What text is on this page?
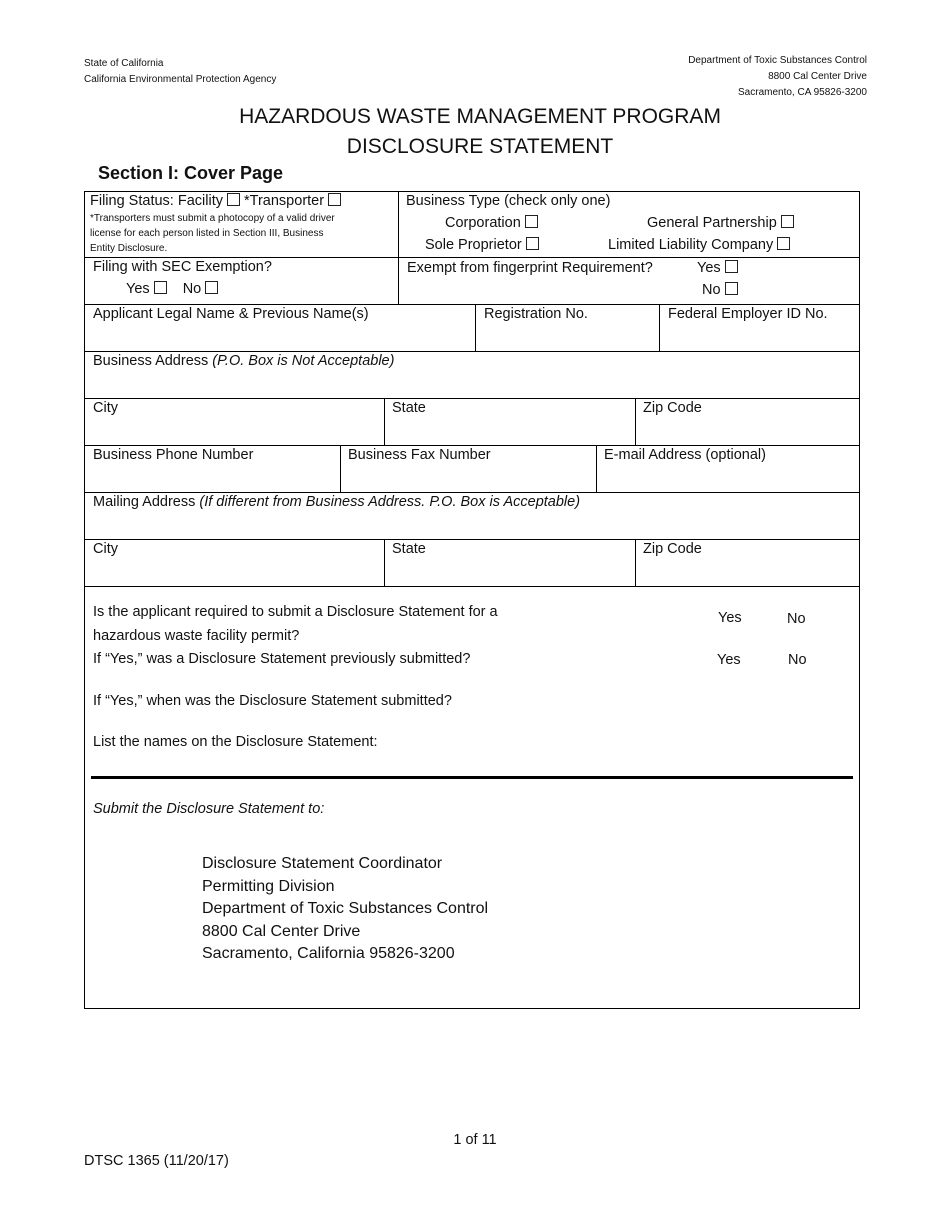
State of California
California Environmental Protection Agency
Department of Toxic Substances Control
8800 Cal Center Drive
Sacramento, CA 95826-3200
HAZARDOUS WASTE MANAGEMENT PROGRAM
DISCLOSURE STATEMENT
Section I: Cover Page
Filing Status: Facility *Transporter
*Transporters must submit a photocopy of a valid driver license for each person listed in Section III, Business Entity Disclosure.
Business Type (check only one)
Corporation	General Partnership
Sole Proprietor	Limited Liability Company
Filing with SEC Exemption?
Yes No
Exempt from fingerprint Requirement?	Yes
No
Applicant Legal Name & Previous Name(s)	Registration No.	Federal Employer ID No.
Business Address (P.O. Box is Not Acceptable)
City	State	Zip Code
Business Phone Number	Business Fax Number	E-mail Address (optional)
Mailing Address (If different from Business Address. P.O. Box is Acceptable)
City	State	Zip Code
Is the applicant required to submit a Disclosure Statement for a
hazardous waste facility permit?
Yes	No
If “Yes,” was a Disclosure Statement previously submitted?	Yes	No
If “Yes,” when was the Disclosure Statement submitted?
List the names on the Disclosure Statement:
Submit the Disclosure Statement to:
Disclosure Statement Coordinator
Permitting Division
Department of Toxic Substances Control
8800 Cal Center Drive
Sacramento, California 95826-3200
1 of 11
DTSC 1365 (11/20/17)
